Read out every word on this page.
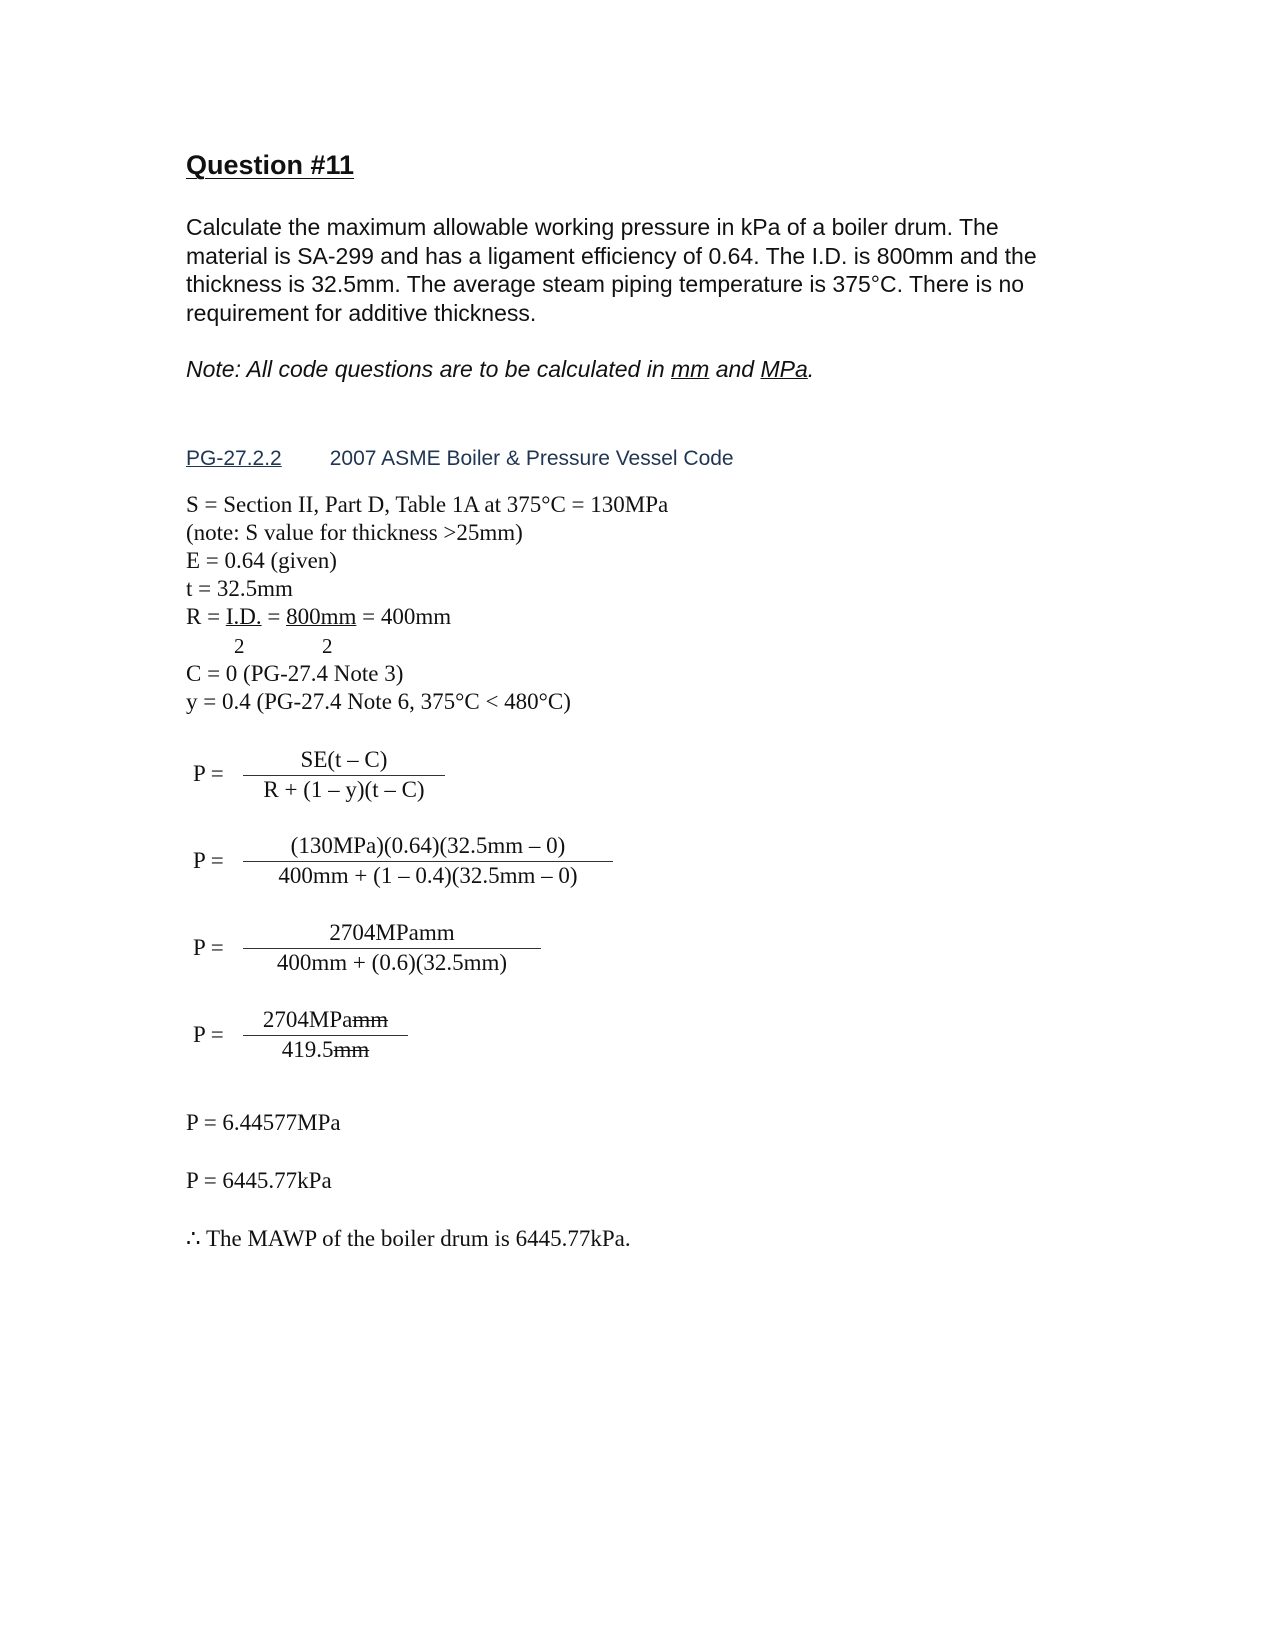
Question #11
Calculate the maximum allowable working pressure in kPa of a boiler drum. The material is SA-299 and has a ligament efficiency of 0.64. The I.D. is 800mm and the thickness is 32.5mm. The average steam piping temperature is 375°C. There is no requirement for additive thickness.
Note: All code questions are to be calculated in mm and MPa.
PG-27.2.2 2007 ASME Boiler & Pressure Vessel Code
S = Section II, Part D, Table 1A at 375°C = 130MPa
(note: S value for thickness >25mm)
E = 0.64 (given)
t = 32.5mm
R = I.D. = 800mm = 400mm
2	2
C = 0 (PG-27.4 Note 3)
y = 0.4 (PG-27.4 Note 6, 375°C < 480°C)
P =
SE(t – C)
R + (1 – y)(t – C)
P =
(130MPa)(0.64)(32.5mm – 0)
400mm + (1 – 0.4)(32.5mm – 0)
P =
2704MPamm
400mm + (0.6)(32.5mm)
P =
2704MPamm
419.5mm
P = 6.44577MPa
P = 6445.77kPa
∴ The MAWP of the boiler drum is 6445.77kPa.
